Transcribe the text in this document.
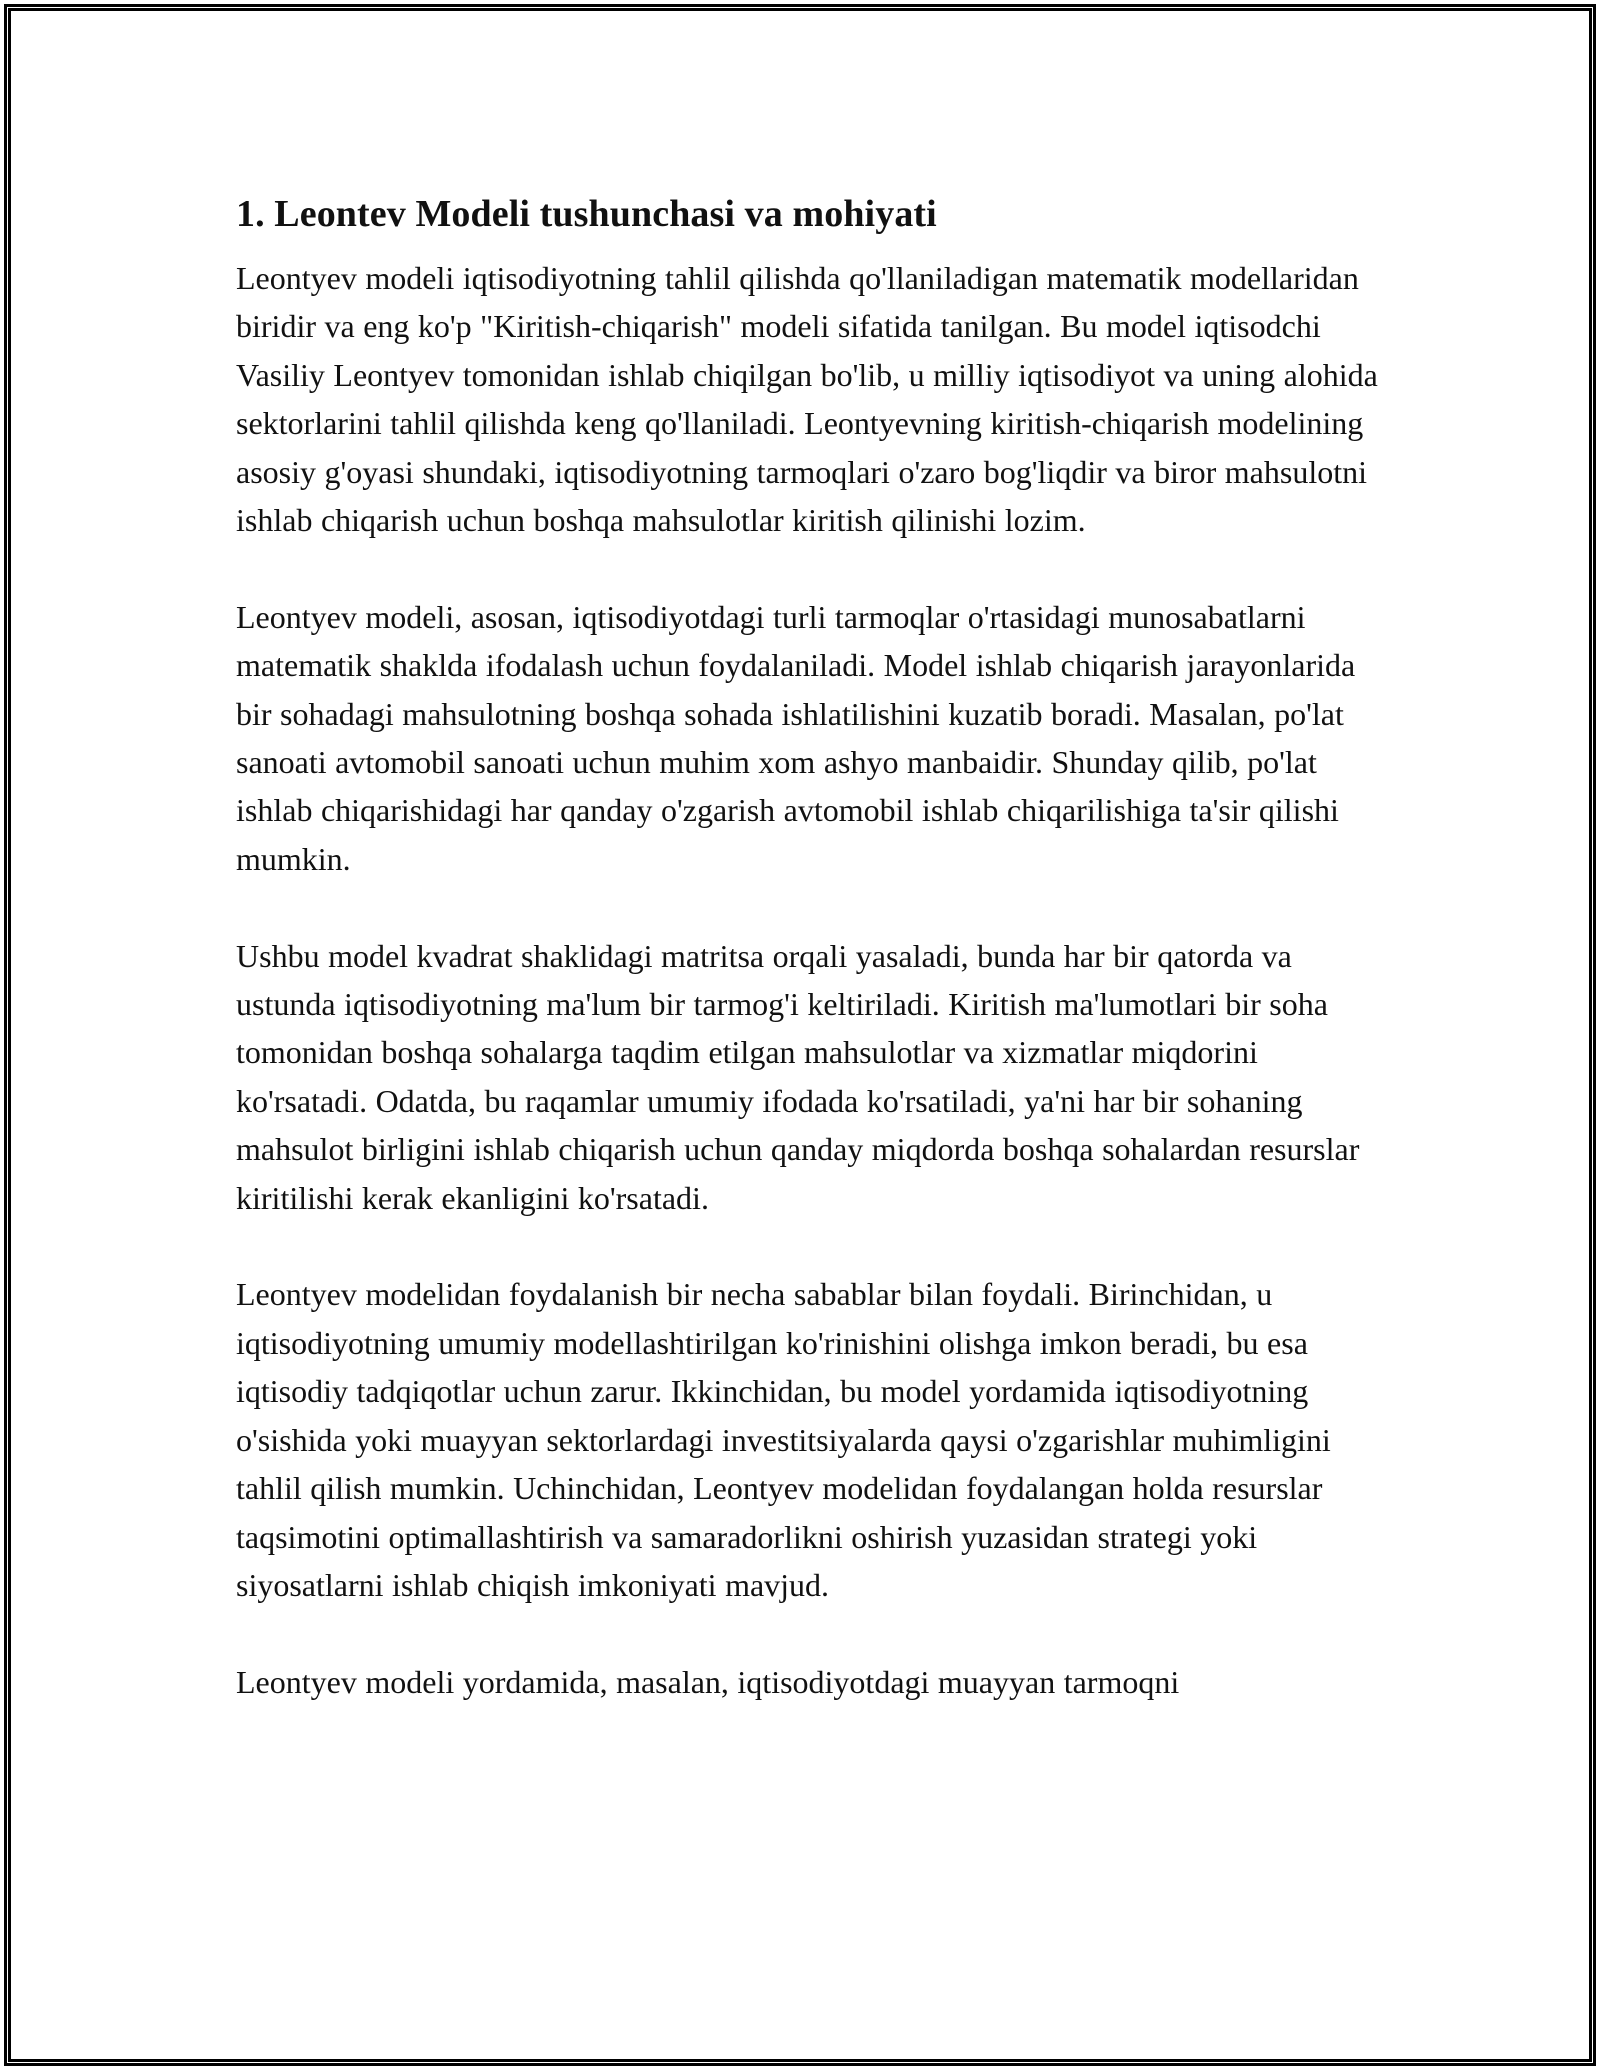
1. Leontev Modeli tushunchasi va mohiyati

Leontyev modeli iqtisodiyotning tahlil qilishda qo'llaniladigan matematik modellaridan biridir va eng ko'p "Kiritish-chiqarish" modeli sifatida tanilgan. Bu model iqtisodchi Vasiliy Leontyev tomonidan ishlab chiqilgan bo'lib, u milliy iqtisodiyot va uning alohida sektorlarini tahlil qilishda keng qo'llaniladi. Leontyevning kiritish-chiqarish modelining asosiy g'oyasi shundaki, iqtisodiyotning tarmoqlari o'zaro bog'liqdir va biror mahsulotni ishlab chiqarish uchun boshqa mahsulotlar kiritish qilinishi lozim.

Leontyev modeli, asosan, iqtisodiyotdagi turli tarmoqlar o'rtasidagi munosabatlarni matematik shaklda ifodalash uchun foydalaniladi. Model ishlab chiqarish jarayonlarida bir sohadagi mahsulotning boshqa sohada ishlatilishini kuzatib boradi. Masalan, po'lat sanoati avtomobil sanoati uchun muhim xom ashyo manbaidir. Shunday qilib, po'lat ishlab chiqarishidagi har qanday o'zgarish avtomobil ishlab chiqarilishiga ta'sir qilishi mumkin.

Ushbu model kvadrat shaklidagi matritsa orqali yasaladi, bunda har bir qatorda va ustunda iqtisodiyotning ma'lum bir tarmog'i keltiriladi. Kiritish ma'lumotlari bir soha tomonidan boshqa sohalarga taqdim etilgan mahsulotlar va xizmatlar miqdorini ko'rsatadi. Odatda, bu raqamlar umumiy ifodada ko'rsatiladi, ya'ni har bir sohaning mahsulot birligini ishlab chiqarish uchun qanday miqdorda boshqa sohalardan resurslar kiritilishi kerak ekanligini ko'rsatadi.

Leontyev modelidan foydalanish bir necha sabablar bilan foydali. Birinchidan, u iqtisodiyotning umumiy modellashtirilgan ko'rinishini olishga imkon beradi, bu esa iqtisodiy tadqiqotlar uchun zarur. Ikkinchidan, bu model yordamida iqtisodiyotning o'sishida yoki muayyan sektorlardagi investitsiyalarda qaysi o'zgarishlar muhimligini tahlil qilish mumkin. Uchinchidan, Leontyev modelidan foydalangan holda resurslar taqsimotini optimallashtirish va samaradorlikni oshirish yuzasidan strategi yoki siyosatlarni ishlab chiqish imkoniyati mavjud.

Leontyev modeli yordamida, masalan, iqtisodiyotdagi muayyan tarmoqni
